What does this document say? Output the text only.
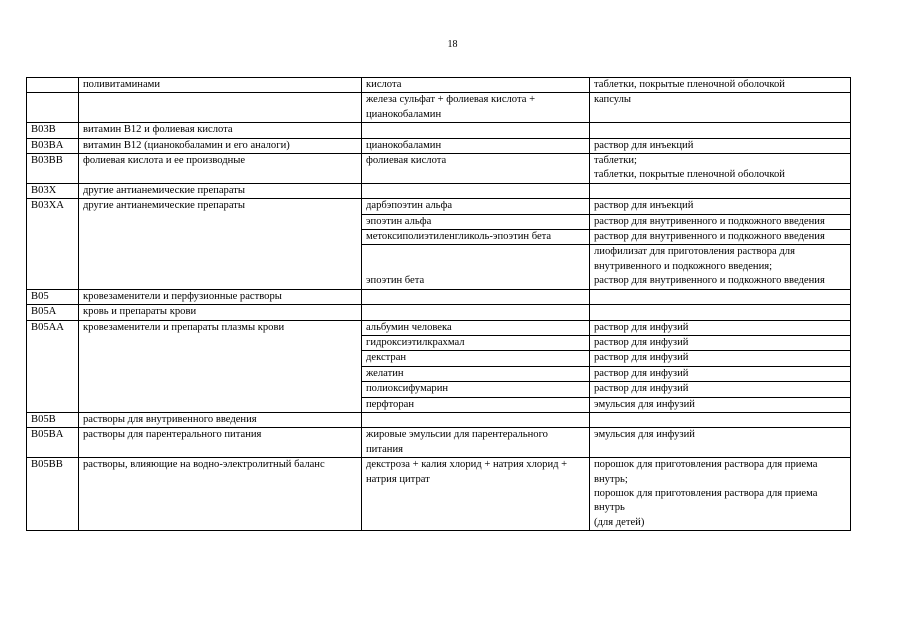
18
	поливитаминами	кислота	таблетки, покрытые пленочной оболочкой
		железа сульфат + фолиевая кислота + цианокобаламин	капсулы
B03B	витамин B12 и фолиевая кислота		
B03BA	витамин B12 (цианокобаламин и его аналоги)	цианокобаламин	раствор для инъекций
B03BB	фолиевая кислота и ее производные	фолиевая кислота	таблетки;
таблетки, покрытые пленочной оболочкой
B03X	другие антианемические препараты		
B03XA	другие антианемические препараты	дарбэпоэтин альфа	раствор для инъекций
		эпоэтин альфа	раствор для внутривенного и подкожного введения
		метоксиполиэтиленгликоль-эпоэтин бета	раствор для внутривенного и подкожного введения
		эпоэтин бета	лиофилизат для приготовления раствора для внутривенного и подкожного введения;
раствор для внутривенного и подкожного введения
B05	кровезаменители и перфузионные растворы		
B05A	кровь и препараты крови		
B05AA	кровезаменители и препараты плазмы крови	альбумин человека	раствор для инфузий
		гидроксиэтилкрахмал	раствор для инфузий
		декстран	раствор для инфузий
		желатин	раствор для инфузий
		полиоксифумарин	раствор для инфузий
		перфторан	эмульсия для инфузий
B05B	растворы для внутривенного введения		
B05BA	растворы для парентерального питания	жировые эмульсии для парентерального питания	эмульсия для инфузий
B05BB	растворы, влияющие на водно-электролитный баланс	декстроза + калия хлорид + натрия хлорид + натрия цитрат	порошок для приготовления раствора для приема внутрь;
порошок для приготовления раствора для приема внутрь
(для детей)
